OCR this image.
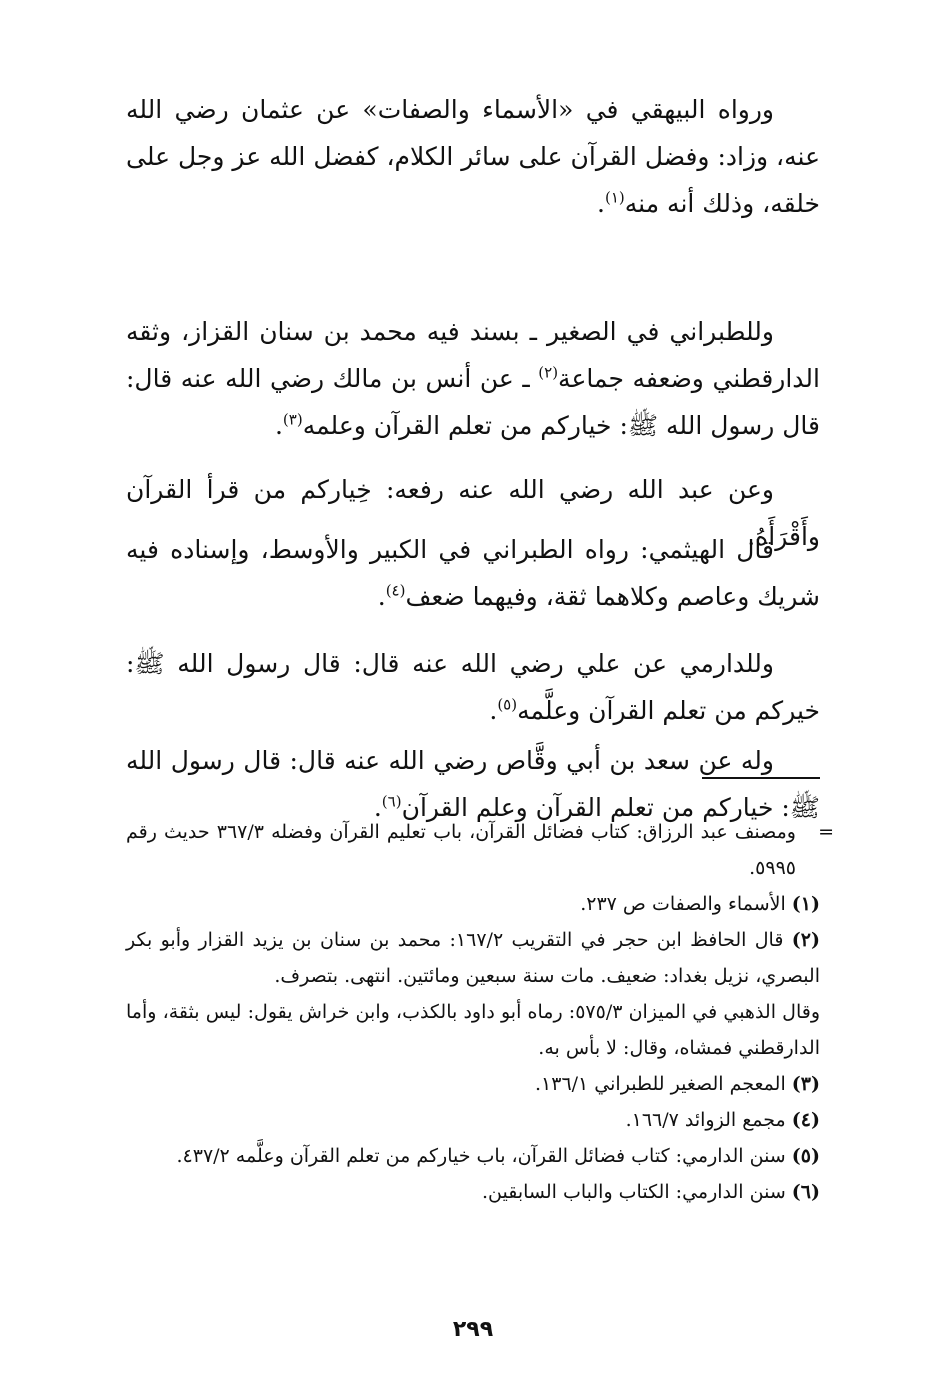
ورواه البيهقي في «الأسماء والصفات» عن عثمان رضي الله عنه، وزاد: وفضل القرآن على سائر الكلام، كفضل الله عز وجل على خلقه، وذلك أنه منه$^{(١)}$.

وللطبراني في الصغير ـ بسند فيه محمد بن سنان القزاز، وثقه الدارقطني وضعفه جماعة$^{(٢)}$ ـ عن أنس بن مالك رضي الله عنه قال: قال رسول الله ﷺ: خياركم من تعلم القرآن وعلمه$^{(٣)}$.

وعن عبد الله رضي الله عنه رفعه: خِياركم من قرأ القرآن وأَقْرَأَهُ.

قال الهيثمي: رواه الطبراني في الكبير والأوسط، وإسناده فيه شريك وعاصم وكلاهما ثقة، وفيهما ضعف$^{(٤)}$.

وللدارمي عن علي رضي الله عنه قال: قال رسول الله ﷺ: خيركم من تعلم القرآن وعلَّمه$^{(٥)}$.

وله عن سعد بن أبي وقَّاص رضي الله عنه قال: قال رسول الله ﷺ: خياركم من تعلم القرآن وعلم القرآن$^{(٦)}$.

=

ومصنف عبد الرزاق: كتاب فضائل القرآن، باب تعليم القرآن وفضله ٣٦٧/٣ حديث رقم ٥٩٩٥.

(١) الأسماء والصفات ص ٢٣٧.

(٢) قال الحافظ ابن حجر في التقريب ١٦٧/٢: محمد بن سنان بن يزيد القزار وأبو بكر البصري، نزيل بغداد: ضعيف. مات سنة سبعين ومائتين. انتهى. بتصرف.

وقال الذهبي في الميزان ٥٧٥/٣: رماه أبو داود بالكذب، وابن خراش يقول: ليس بثقة، وأما الدارقطني فمشاه، وقال: لا بأس به.

(٣) المعجم الصغير للطبراني ١٣٦/١.

(٤) مجمع الزوائد ١٦٦/٧.

(٥) سنن الدارمي: كتاب فضائل القرآن، باب خياركم من تعلم القرآن وعلَّمه ٤٣٧/٢.

(٦) سنن الدارمي: الكتاب والباب السابقين.

٢٩٩
